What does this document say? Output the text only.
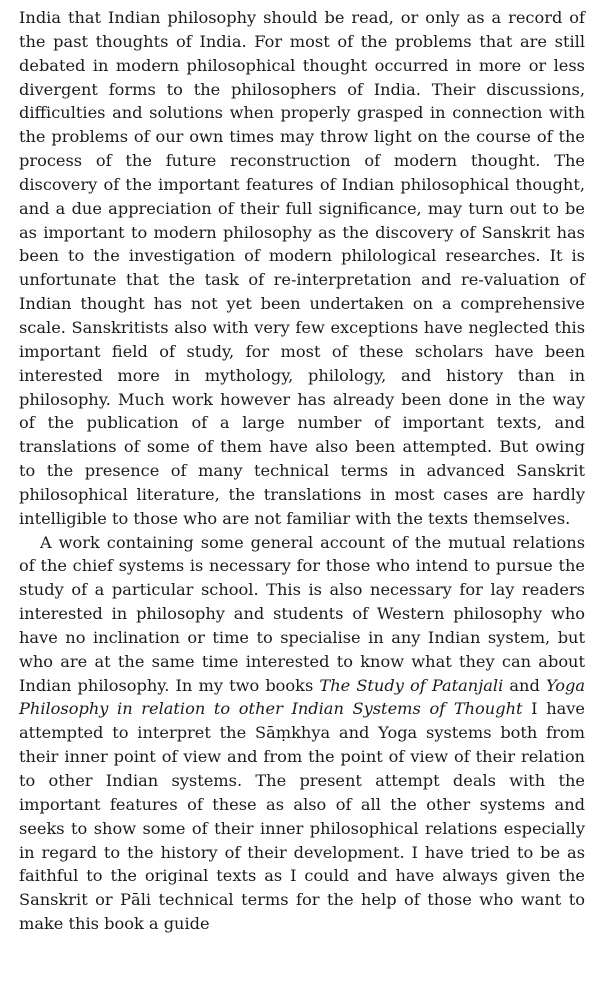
India that Indian philosophy should be read, or only as a record of the past thoughts of India. For most of the problems that are still debated in modern philosophical thought occurred in more or less divergent forms to the philosophers of India. Their discussions, difficulties and solutions when properly grasped in connection with the problems of our own times may throw light on the course of the process of the future reconstruction of modern thought. The discovery of the important features of Indian philosophical thought, and a due appreciation of their full significance, may turn out to be as important to modern philosophy as the discovery of Sanskrit has been to the investigation of modern philological researches. It is unfortunate that the task of re-interpretation and re-valuation of Indian thought has not yet been undertaken on a comprehensive scale. Sanskritists also with very few exceptions have neglected this important field of study, for most of these scholars have been interested more in mythology, philology, and history than in philosophy. Much work however has already been done in the way of the publication of a large number of important texts, and translations of some of them have also been attempted. But owing to the presence of many technical terms in advanced Sanskrit philosophical literature, the translations in most cases are hardly intelligible to those who are not familiar with the texts themselves.

A work containing some general account of the mutual relations of the chief systems is necessary for those who intend to pursue the study of a particular school. This is also necessary for lay readers interested in philosophy and students of Western philosophy who have no inclination or time to specialise in any Indian system, but who are at the same time interested to know what they can about Indian philosophy. In my two books The Study of Patanjali and Yoga Philosophy in relation to other Indian Systems of Thought I have attempted to interpret the Sāṃkhya and Yoga systems both from their inner point of view and from the point of view of their relation to other Indian systems. The present attempt deals with the important features of these as also of all the other systems and seeks to show some of their inner philosophical relations especially in regard to the history of their development. I have tried to be as faithful to the original texts as I could and have always given the Sanskrit or Pāli technical terms for the help of those who want to make this book a guide
